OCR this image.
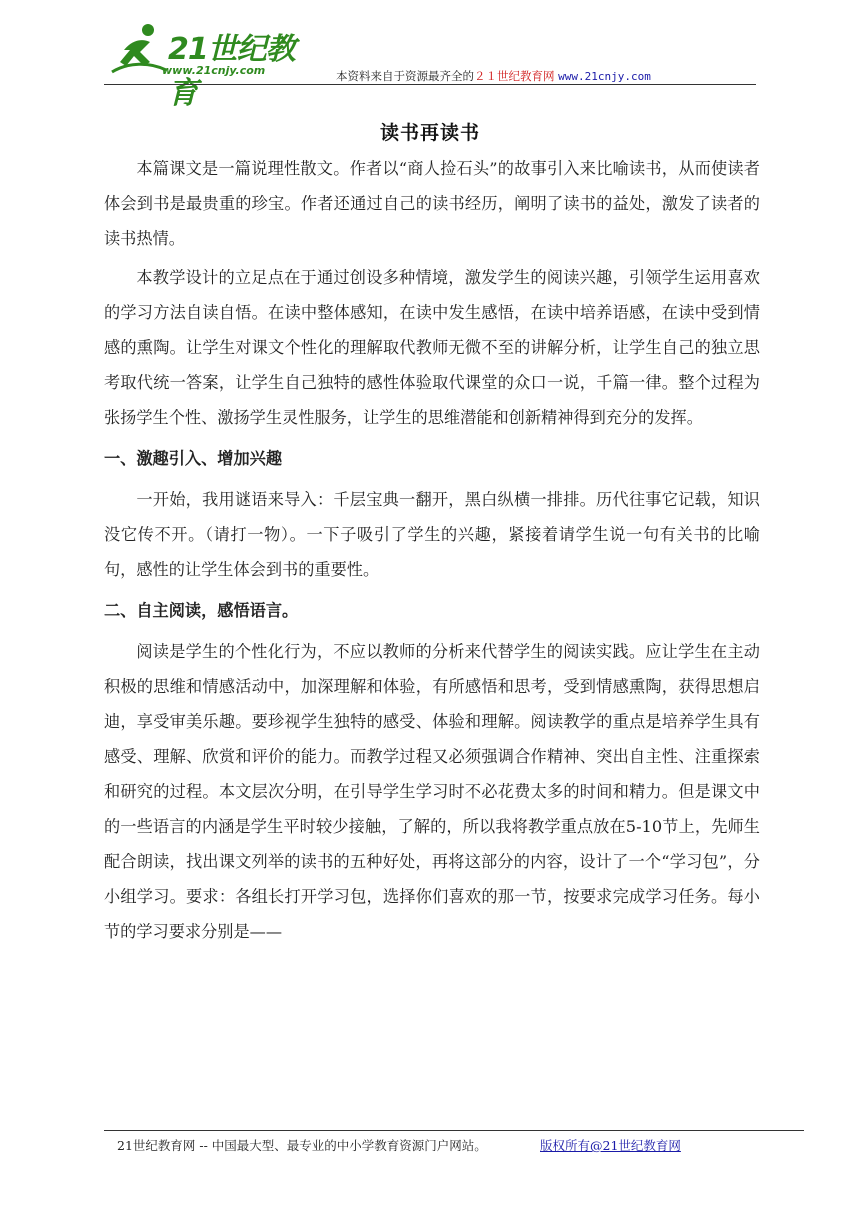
21世纪教育
www.21cnjy.com	本资料来自于资源最齐全的２１世纪教育网 www.21cnjy.com
读书再读书

本篇课文是一篇说理性散文。作者以“商人捡石头”的故事引入来比喻读书，从而使读者体会到书是最贵重的珍宝。作者还通过自己的读书经历，阐明了读书的益处，激发了读者的读书热情。

本教学设计的立足点在于通过创设多种情境，激发学生的阅读兴趣，引领学生运用喜欢的学习方法自读自悟。在读中整体感知，在读中发生感悟，在读中培养语感，在读中受到情感的熏陶。让学生对课文个性化的理解取代教师无微不至的讲解分析，让学生自己的独立思考取代统一答案，让学生自己独特的感性体验取代课堂的众口一说，千篇一律。整个过程为张扬学生个性、激扬学生灵性服务，让学生的思维潜能和创新精神得到充分的发挥。

一、激趣引入、增加兴趣

一开始，我用谜语来导入：千层宝典一翻开，黑白纵横一排排。历代往事它记载，知识没它传不开。（请打一物）。一下子吸引了学生的兴趣，紧接着请学生说一句有关书的比喻句，感性的让学生体会到书的重要性。

二、自主阅读，感悟语言。

阅读是学生的个性化行为，不应以教师的分析来代替学生的阅读实践。应让学生在主动积极的思维和情感活动中，加深理解和体验，有所感悟和思考，受到情感熏陶，获得思想启迪，享受审美乐趣。要珍视学生独特的感受、体验和理解。阅读教学的重点是培养学生具有感受、理解、欣赏和评价的能力。而教学过程又必须强调合作精神、突出自主性、注重探索和研究的过程。本文层次分明，在引导学生学习时不必花费太多的时间和精力。但是课文中的一些语言的内涵是学生平时较少接触，了解的，所以我将教学重点放在5-10节上，先师生配合朗读，找出课文列举的读书的五种好处，再将这部分的内容，设计了一个“学习包”，分小组学习。要求：各组长打开学习包，选择你们喜欢的那一节，按要求完成学习任务。每小节的学习要求分别是——

21世纪教育网 -- 中国最大型、最专业的中小学教育资源门户网站。	版权所有@21世纪教育网
